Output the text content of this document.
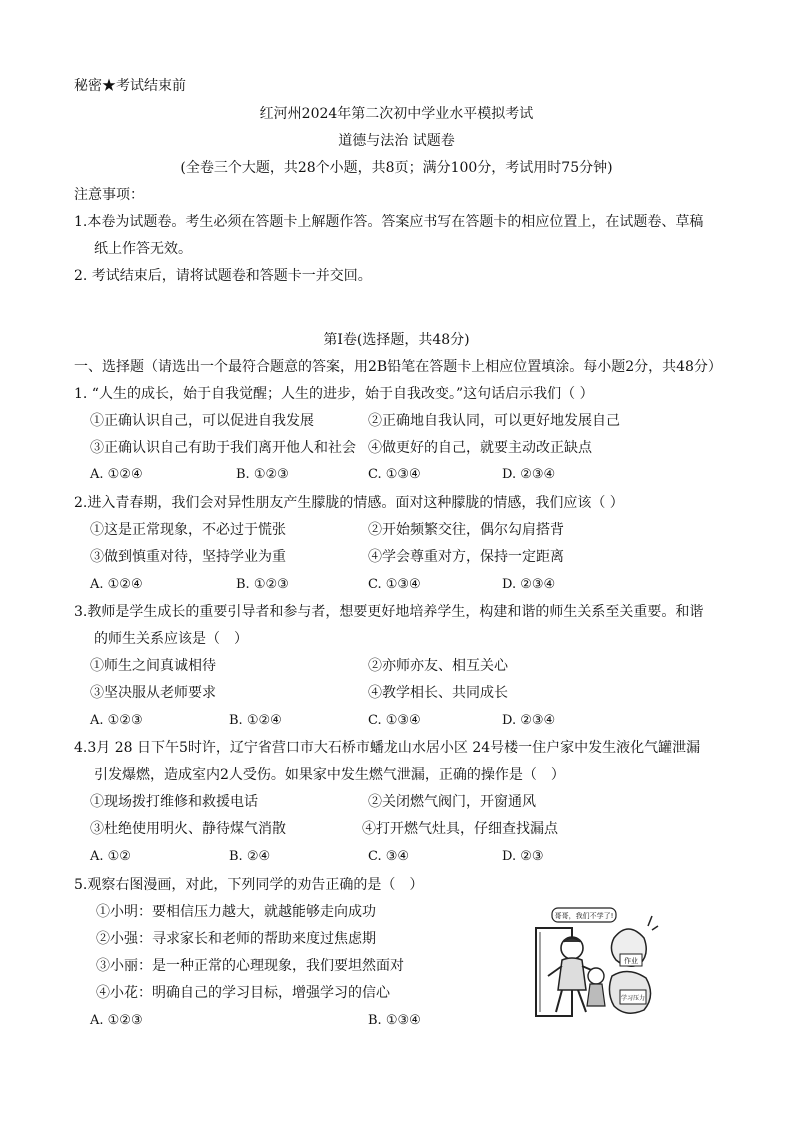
秘密★考试结束前
红河州2024年第二次初中学业水平模拟考试
道德与法治 试题卷
(全卷三个大题，共28个小题，共8页；满分100分，考试用时75分钟)
注意事项：
1.本卷为试题卷。考生必须在答题卡上解题作答。答案应书写在答题卡的相应位置上，在试题卷、草稿
纸上作答无效。
2. 考试结束后，请将试题卷和答题卡一并交回。
第Ⅰ卷(选择题，共48分)
一、选择题（请选出一个最符合题意的答案，用2B铅笔在答题卡上相应位置填涂。每小题2分，共48分）
1. “人生的成长，始于自我觉醒；人生的进步，始于自我改变。”这句话启示我们（ ）
①正确认识自己，可以促进自我发展	②正确地自我认同，可以更好地发展自己
③正确认识自己有助于我们离开他人和社会 ④做更好的自己，就要主动改正缺点
A. ①②④	B. ①②③	C. ①③④	D. ②③④
2.进入青春期，我们会对异性朋友产生朦胧的情感。面对这种朦胧的情感，我们应该（ ）
①这是正常现象，不必过于慌张	②开始频繁交往，偶尔勾肩搭背
③做到慎重对待，坚持学业为重	④学会尊重对方，保持一定距离
A. ①②④	B. ①②③	C. ①③④	D. ②③④
3.教师是学生成长的重要引导者和参与者，想要更好地培养学生，构建和谐的师生关系至关重要。和谐
的师生关系应该是（　）
①师生之间真诚相待	②亦师亦友、相互关心
③坚决服从老师要求	④教学相长、共同成长
A. ①②③	B. ①②④	C. ①③④	D. ②③④
4.3月 28 日下午5时许，辽宁省营口市大石桥市蟠龙山水居小区 24号楼一住户家中发生液化气罐泄漏
引发爆燃，造成室内2人受伤。如果家中发生燃气泄漏，正确的操作是（　）
①现场拨打维修和救援电话	②关闭燃气阀门，开窗通风
③杜绝使用明火、静待煤气消散	④打开燃气灶具，仔细查找漏点
A. ①②	B. ②④	C. ③④	D. ②③
5.观察右图漫画，对此，下列同学的劝告正确的是（　）
①小明：要相信压力越大，就越能够走向成功
②小强：寻求家长和老师的帮助来度过焦虑期
③小丽：是一种正常的心理现象，我们要坦然面对
④小花：明确自己的学习目标，增强学习的信心
A. ①②③	B. ①③④
哥哥，我们不学了!
作业
学习压力
